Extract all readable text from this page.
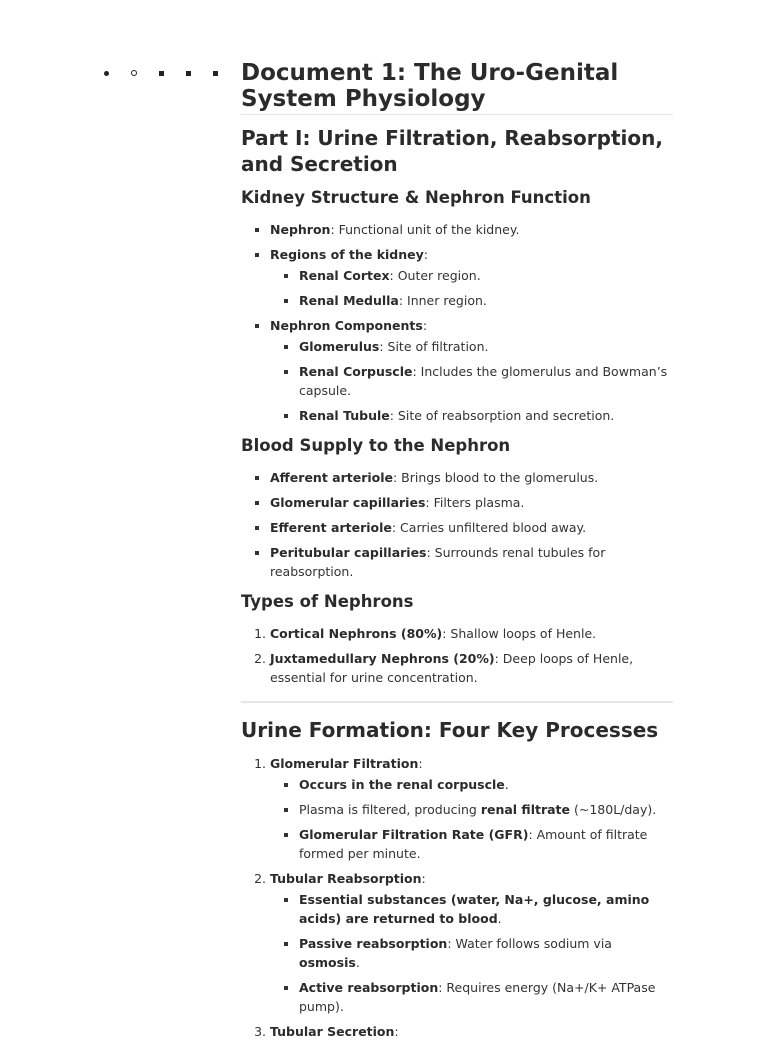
Document 1: The Uro-Genital System Physiology
Part I: Urine Filtration, Reabsorption, and Secretion
Kidney Structure & Nephron Function
▪ Nephron: Functional unit of the kidney.
▪ Regions of the kidney:
▪ Renal Cortex: Outer region.
▪ Renal Medulla: Inner region.
▪ Nephron Components:
▪ Glomerulus: Site of filtration.
▪ Renal Corpuscle: Includes the glomerulus and Bowman’s capsule.
▪ Renal Tubule: Site of reabsorption and secretion.
Blood Supply to the Nephron
▪ Afferent arteriole: Brings blood to the glomerulus.
▪ Glomerular capillaries: Filters plasma.
▪ Efferent arteriole: Carries unfiltered blood away.
▪ Peritubular capillaries: Surrounds renal tubules for reabsorption.
Types of Nephrons
1. Cortical Nephrons (80%): Shallow loops of Henle.
2. Juxtamedullary Nephrons (20%): Deep loops of Henle, essential for urine concentration.
Urine Formation: Four Key Processes
1. Glomerular Filtration:
▪ Occurs in the renal corpuscle.
▪ Plasma is filtered, producing renal filtrate (~180L/day).
▪ Glomerular Filtration Rate (GFR): Amount of filtrate formed per minute.
2. Tubular Reabsorption:
▪ Essential substances (water, Na+, glucose, amino acids) are returned to blood.
▪ Passive reabsorption: Water follows sodium via osmosis.
▪ Active reabsorption: Requires energy (Na+/K+ ATPase pump).
3. Tubular Secretion:
